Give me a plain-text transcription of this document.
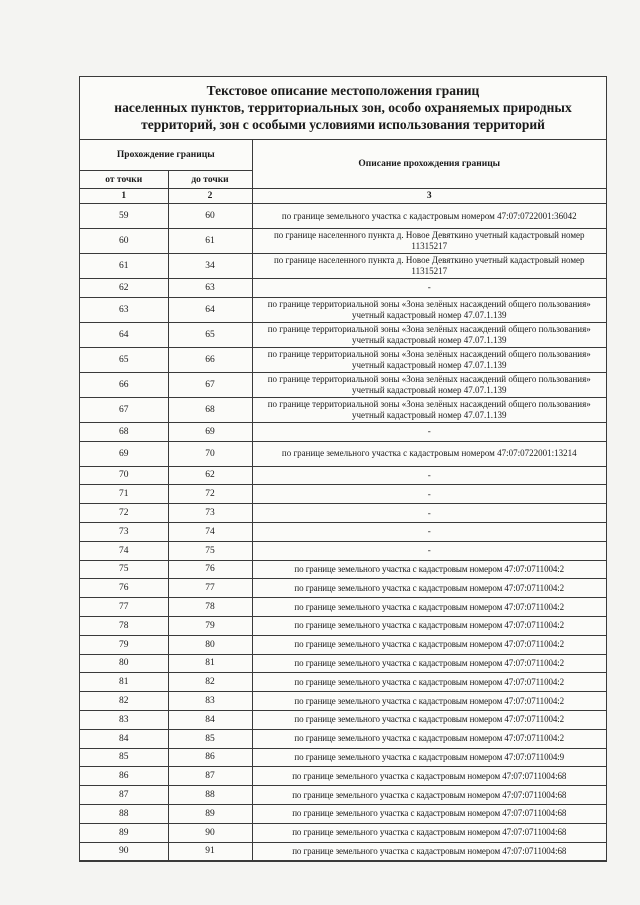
Текстовое описание местоположения границ
населенных пунктов, территориальных зон, особо охраняемых природных
территорий, зон с особыми условиями использования территорий
Прохождение границы		Описание прохождения границы
от точки	до точки	
1	2	3
59	60	по границе земельного участка с кадастровым номером 47:07:0722001:36042
60	61	по границе населенного пункта д. Новое Девяткино учетный кадастровый номер 11315217
61	34	по границе населенного пункта д. Новое Девяткино учетный кадастровый номер 11315217
62	63	-
63	64	по границе территориальной зоны «Зона зелёных насаждений общего пользования» учетный кадастровый номер 47.07.1.139
64	65	по границе территориальной зоны «Зона зелёных насаждений общего пользования» учетный кадастровый номер 47.07.1.139
65	66	по границе территориальной зоны «Зона зелёных насаждений общего пользования» учетный кадастровый номер 47.07.1.139
66	67	по границе территориальной зоны «Зона зелёных насаждений общего пользования» учетный кадастровый номер 47.07.1.139
67	68	по границе территориальной зоны «Зона зелёных насаждений общего пользования» учетный кадастровый номер 47.07.1.139
68	69	-
69	70	по границе земельного участка с кадастровым номером 47:07:0722001:13214
70	62	-
71	72	-
72	73	-
73	74	-
74	75	-
75	76	по границе земельного участка с кадастровым номером 47:07:0711004:2
76	77	по границе земельного участка с кадастровым номером 47:07:0711004:2
77	78	по границе земельного участка с кадастровым номером 47:07:0711004:2
78	79	по границе земельного участка с кадастровым номером 47:07:0711004:2
79	80	по границе земельного участка с кадастровым номером 47:07:0711004:2
80	81	по границе земельного участка с кадастровым номером 47:07:0711004:2
81	82	по границе земельного участка с кадастровым номером 47:07:0711004:2
82	83	по границе земельного участка с кадастровым номером 47:07:0711004:2
83	84	по границе земельного участка с кадастровым номером 47:07:0711004:2
84	85	по границе земельного участка с кадастровым номером 47:07:0711004:2
85	86	по границе земельного участка с кадастровым номером 47:07:0711004:9
86	87	по границе земельного участка с кадастровым номером 47:07:0711004:68
87	88	по границе земельного участка с кадастровым номером 47:07:0711004:68
88	89	по границе земельного участка с кадастровым номером 47:07:0711004:68
89	90	по границе земельного участка с кадастровым номером 47:07:0711004:68
90	91	по границе земельного участка с кадастровым номером 47:07:0711004:68
